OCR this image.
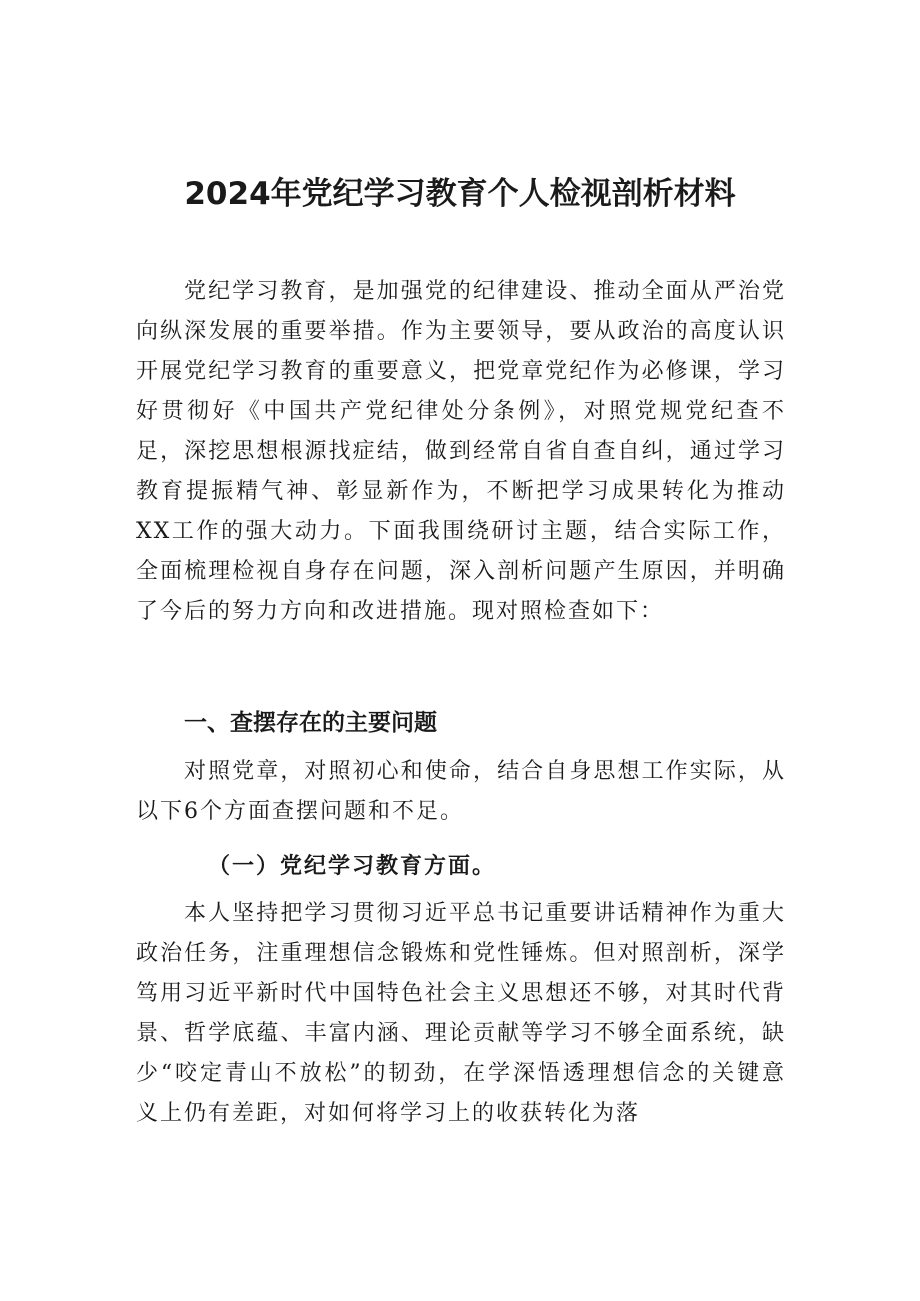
2024年党纪学习教育个人检视剖析材料

党纪学习教育，是加强党的纪律建设、推动全面从严治党向纵深发展的重要举措。作为主要领导，要从政治的高度认识开展党纪学习教育的重要意义，把党章党纪作为必修课，学习好贯彻好《中国共产党纪律处分条例》，对照党规党纪查不足，深挖思想根源找症结，做到经常自省自查自纠，通过学习教育提振精气神、彰显新作为，不断把学习成果转化为推动XX工作的强大动力。下面我围绕研讨主题，结合实际工作，全面梳理检视自身存在问题，深入剖析问题产生原因，并明确了今后的努力方向和改进措施。现对照检查如下：

一、查摆存在的主要问题

对照党章，对照初心和使命，结合自身思想工作实际，从以下6个方面查摆问题和不足。

（一）党纪学习教育方面。

本人坚持把学习贯彻习近平总书记重要讲话精神作为重大政治任务，注重理想信念锻炼和党性锤炼。但对照剖析，深学笃用习近平新时代中国特色社会主义思想还不够，对其时代背景、哲学底蕴、丰富内涵、理论贡献等学习不够全面系统，缺少“咬定青山不放松”的韧劲，在学深悟透理想信念的关键意义上仍有差距，对如何将学习上的收获转化为落
